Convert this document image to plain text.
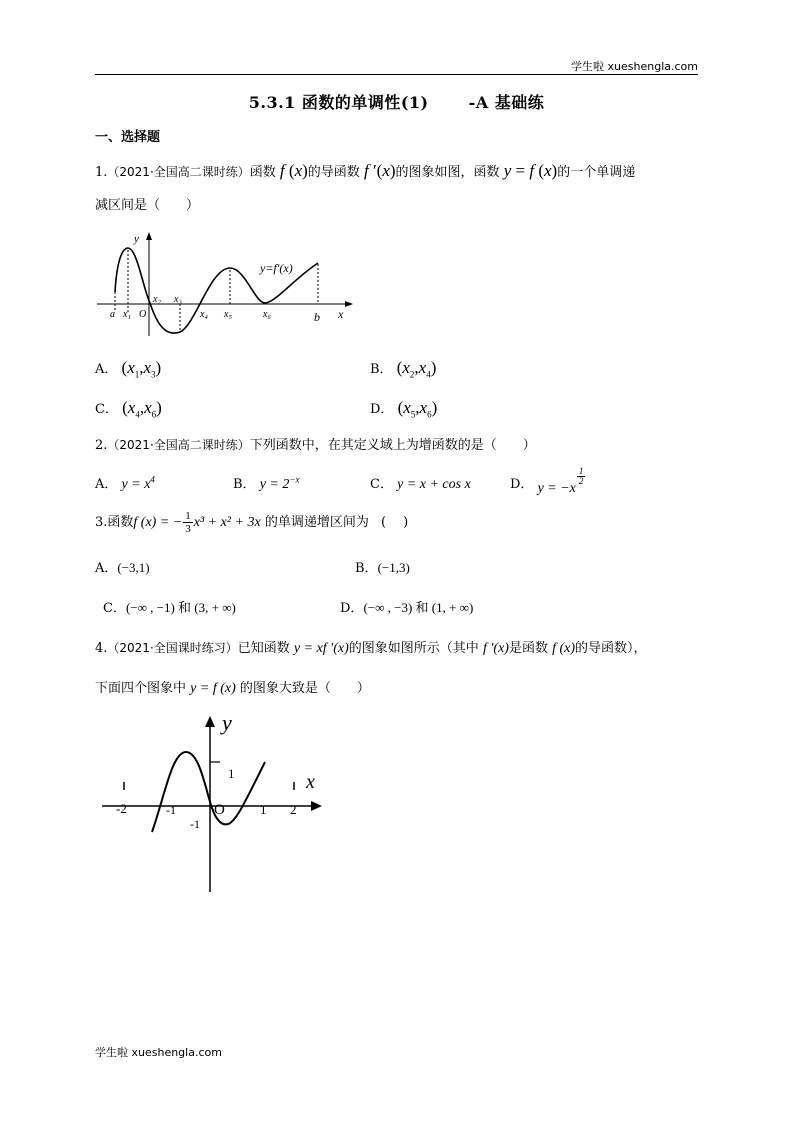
学生啦 xueshengla.com
5.3.1 函数的单调性(1)	-A 基础练
一、选择题
1.（2021·全国高二课时练）函数 f (x)的导函数 f ′(x)的图象如图，函数 y = f (x)的一个单调递
减区间是（　　）
y
x
y=f′(x)
a x₁ O
x₂ x₃
x₄ x₅	x₆	b
A． $(x_1,x_3)$	B． $(x_2,x_4)$
C． $(x_4,x_6)$	D． $(x_5,x_6)$
2.（2021·全国高二课时练）下列函数中，在其定义域上为增函数的是（　　）
A． $y = x^4$	B． $y = 2^{-x}$	C． y = x + cos x	D． y = −x
$\frac{1}{2}$
3.函数f (x) = − $\frac{1}{3} x^3 + x^2 + 3x$ 的单调递增区间为 (　 )
A．(−3,1)	B．(−1,3)
C．(−∞ , −1) 和 (3, + ∞)	D．(−∞ , −3) 和 (1, + ∞)
4.（2021·全国课时练习）已知函数 y = xf ′(x)的图象如图所示（其中 f ′(x)是函数 f (x)的导函数），
下面四个图象中 y = f (x) 的图象大致是（　　）
y
x
1
-1
-1
O	1 2
-2
学生啦 xueshengla.com
